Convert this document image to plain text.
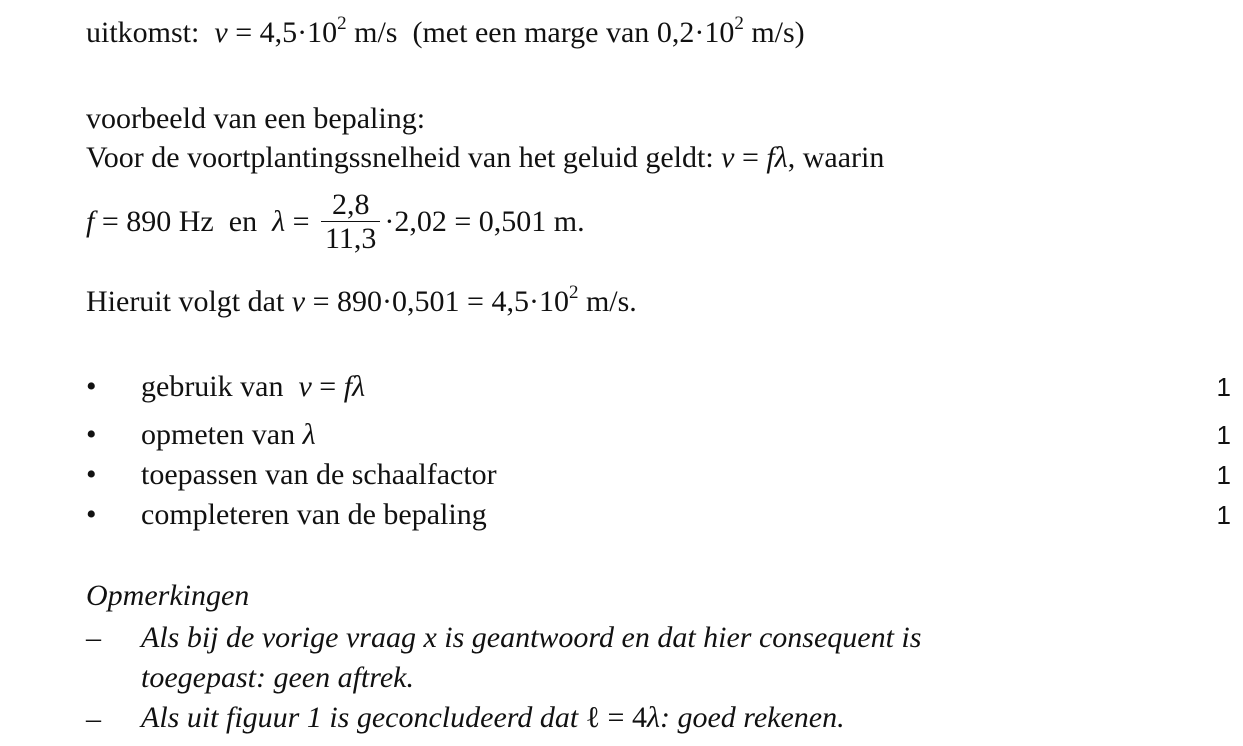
uitkomst: $v = 4,5\cdot 10^2$ m/s (met een marge van $0,2\cdot 10^2$ m/s)
voorbeeld van een bepaling:
Voor de voortplantingssnelheid van het geluid geldt: v = fλ, waarin
f = 890 Hz en $\lambda = \frac{2,8}{11,3} \cdot 2,02 = 0,501$ m.
Hieruit volgt dat $v = 890\cdot 0,501 = 4,5\cdot 10^2$ m/s.
• gebruik van v = fλ	1
• opmeten van λ	1
• toepassen van de schaalfactor	1
• completeren van de bepaling	1
Opmerkingen
– Als bij de vorige vraag x is geantwoord en dat hier consequent is
toegepast: geen aftrek.
– Als uit figuur 1 is geconcludeerd dat ℓ = 4λ: goed rekenen.
